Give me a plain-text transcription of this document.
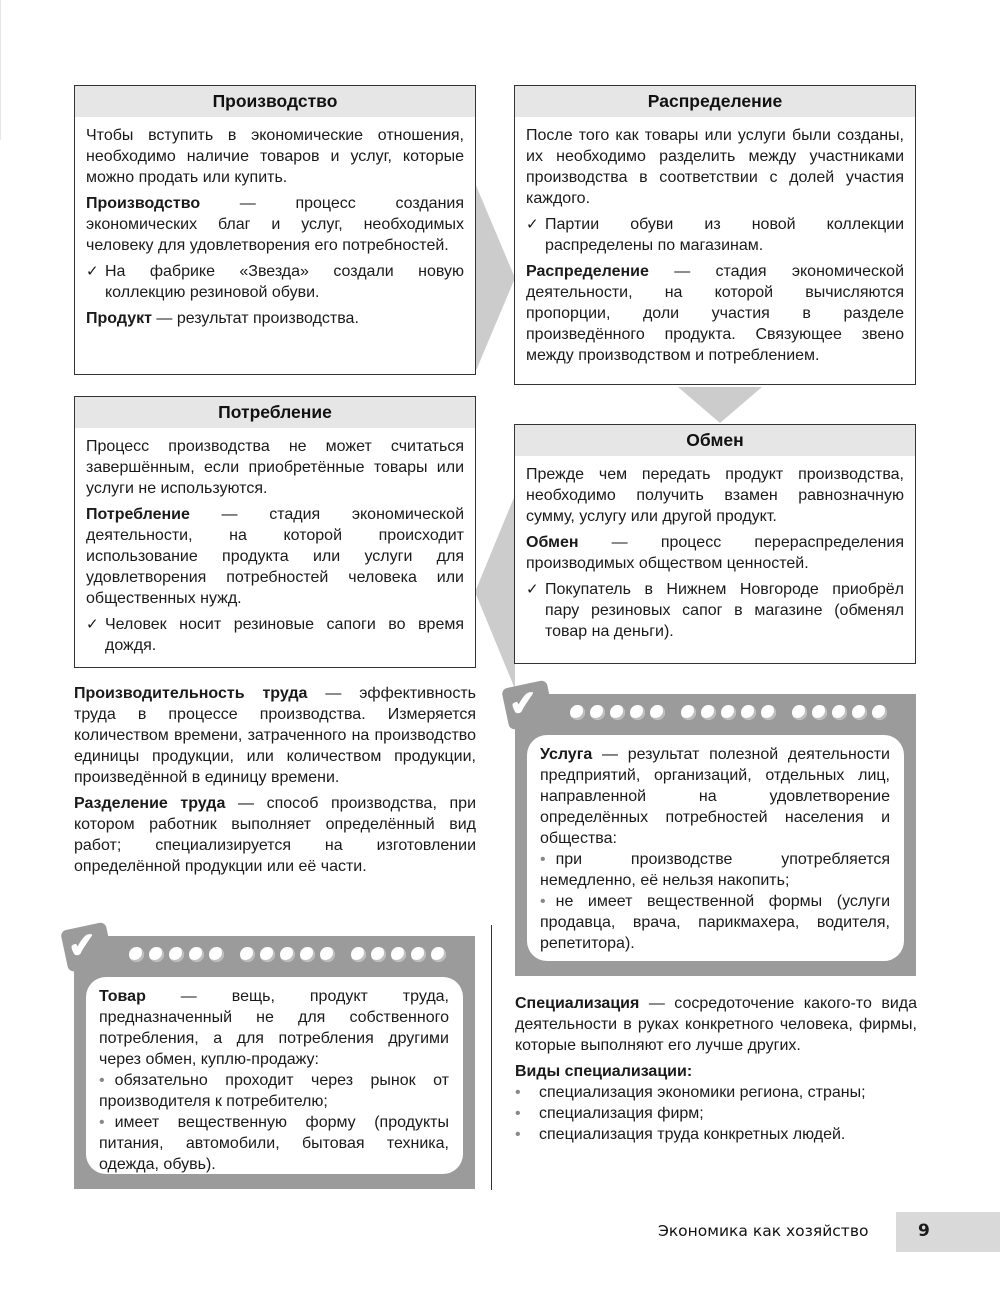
Производство

Чтобы вступить в экономические отношения, необходимо наличие товаров и услуг, которые можно продать или купить.

Производство — процесс создания экономических благ и услуг, необходимых человеку для удовлетворения его потребностей.

✓ На фабрике «Звезда» создали новую коллекцию резиновой обуви.

Продукт — результат производства.

Распределение

После того как товары или услуги были созданы, их необходимо разделить между участниками производства в соответствии с долей участия каждого.

✓ Партии обуви из новой коллекции распределены по магазинам.

Распределение — стадия экономической деятельности, на которой вычисляются пропорции, доли участия в разделе произведённого продукта. Связующее звено между производством и потреблением.

Потребление

Процесс производства не может считаться завершённым, если приобретённые товары или услуги не используются.

Потребление — стадия экономической деятельности, на которой происходит использование продукта или услуги для удовлетворения потребностей человека или общественных нужд.

✓ Человек носит резиновые сапоги во время дождя.
Обмен

Прежде чем передать продукт производства, необходимо получить взамен равнозначную сумму, услугу или другой продукт.

Обмен — процесс перераспределения производимых обществом ценностей.

✓ Покупатель в Нижнем Новгороде приобрёл пару резиновых сапог в магазине (обменял товар на деньги).

Производительность труда — эффективность труда в процессе производства. Измеряется количеством времени, затраченного на производство единицы продукции, или количеством продукции, произведённой в единицу времени.

Разделение труда — способ производства, при котором работник выполняет определённый вид работ; специализируется на изготовлении определённой продукции или её части.

✔
Услуга — результат полезной деятельности предприятий, организаций, отдельных лиц, направленной на удовлетворение определённых потребностей населения и общества:
• при производстве употребляется немедленно, её нельзя накопить;
• не имеет вещественной формы (услуги продавца, врача, парикмахера, водителя, репетитора).
✔
Товар — вещь, продукт труда, предназначенный не для собственного потребления, а для потребления другими через обмен, куплю-продажу:
• обязательно проходит через рынок от производителя к потребителю;
• имеет вещественную форму (продукты питания, автомобили, бытовая техника, одежда, обувь).

Специализация — сосредоточение какого-то вида деятельности в руках конкретного человека, фирмы, которые выполняют его лучше других.

Виды специализации:

• специализация экономики региона, страны;
• специализация фирм;
• специализация труда конкретных людей.
Экономика как хозяйство	9
